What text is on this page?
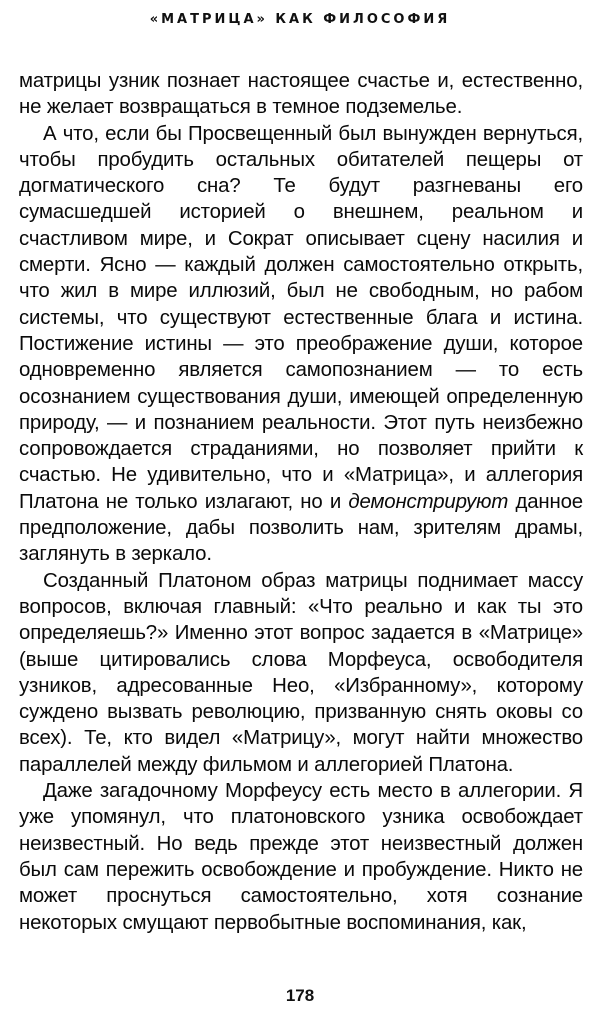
«МАТРИЦА» КАК ФИЛОСОФИЯ

матрицы узник познает настоящее счастье и, естественно, не желает возвращаться в темное подземелье.

А что, если бы Просвещенный был вынужден вернуться, чтобы пробудить остальных обитателей пещеры от догматического сна? Те будут разгневаны его сумасшедшей историей о внешнем, реальном и счастливом мире, и Сократ описывает сцену насилия и смерти. Ясно — каждый должен самостоятельно открыть, что жил в мире иллюзий, был не свободным, но рабом системы, что существуют естественные блага и истина. Постижение истины — это преображение души, которое одновременно является самопознанием — то есть осознанием существования души, имеющей определенную природу, — и познанием реальности. Этот путь неизбежно сопровождается страданиями, но позволяет прийти к счастью. Не удивительно, что и «Матрица», и аллегория Платона не только излагают, но и демонстрируют данное предположение, дабы позволить нам, зрителям драмы, заглянуть в зеркало.

Созданный Платоном образ матрицы поднимает массу вопросов, включая главный: «Что реально и как ты это определяешь?» Именно этот вопрос задается в «Матрице» (выше цитировались слова Морфеуса, освободителя узников, адресованные Нео, «Избранному», которому суждено вызвать революцию, призванную снять оковы со всех). Те, кто видел «Матрицу», могут найти множество параллелей между фильмом и аллегорией Платона.

Даже загадочному Морфеусу есть место в аллегории. Я уже упомянул, что платоновского узника освобождает неизвестный. Но ведь прежде этот неизвестный должен был сам пережить освобождение и пробуждение. Никто не может проснуться самостоятельно, хотя сознание некоторых смущают первобытные воспоминания, как,

178
